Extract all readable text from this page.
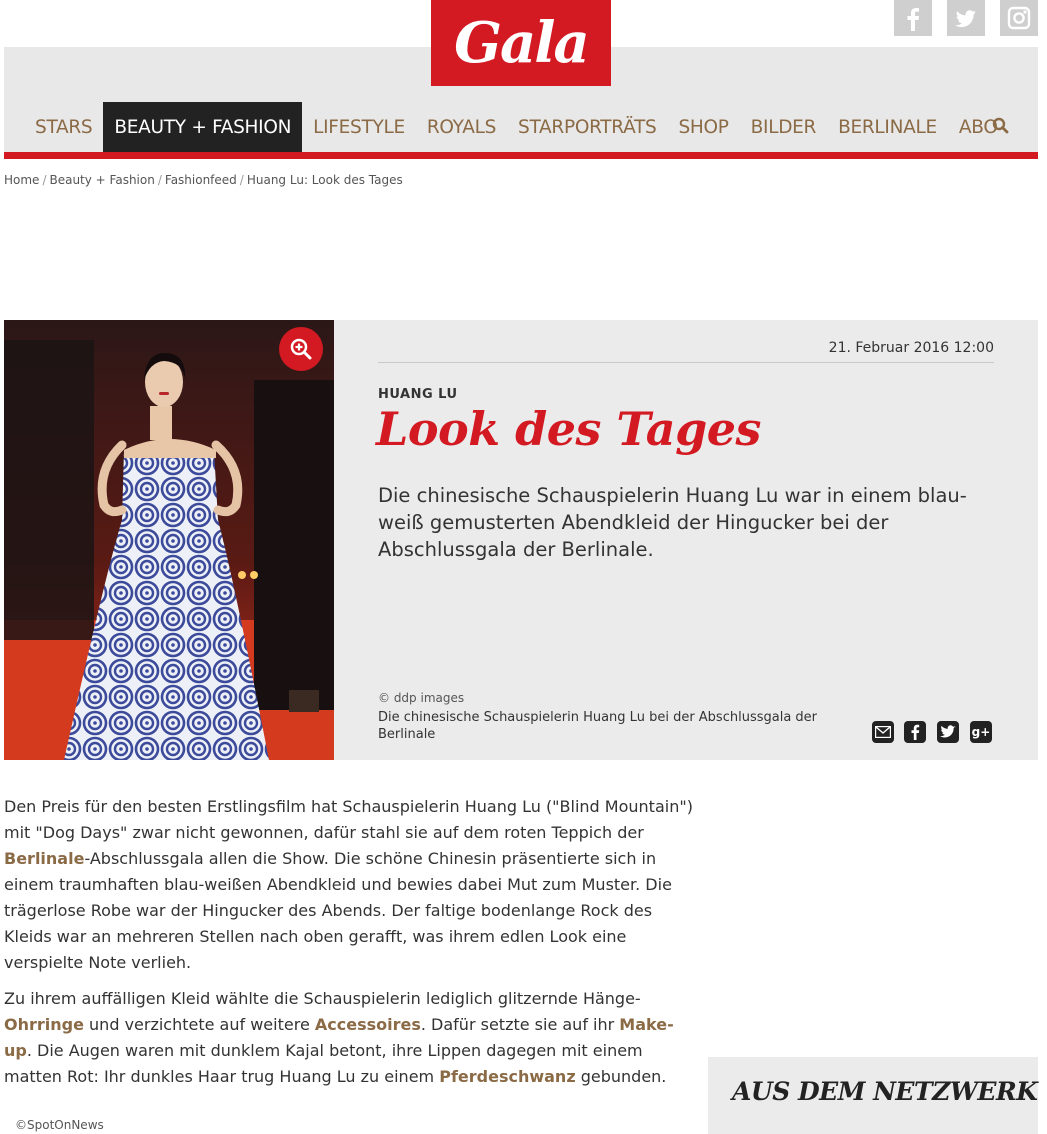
Gala
STARS	BEAUTY + FASHION	LIFESTYLE	ROYALS	STARPORTRÄTS	SHOP	BILDER	BERLINALE	ABO
Home / Beauty + Fashion / Fashionfeed / Huang Lu: Look des Tages
21. Februar 2016 12:00
HUANG LU
Look des Tages
Die chinesische Schauspielerin Huang Lu war in einem blau-weiß gemusterten Abendkleid der Hingucker bei der Abschlussgala der Berlinale.
© ddp images
Die chinesische Schauspielerin Huang Lu bei der Abschlussgala der Berlinale	g+

Den Preis für den besten Erstlingsfilm hat Schauspielerin Huang Lu ("Blind Mountain") mit "Dog Days" zwar nicht gewonnen, dafür stahl sie auf dem roten Teppich der Berlinale-Abschlussgala allen die Show. Die schöne Chinesin präsentierte sich in einem traumhaften blau-weißen Abendkleid und bewies dabei Mut zum Muster. Die trägerlose Robe war der Hingucker des Abends. Der faltige bodenlange Rock des Kleids war an mehreren Stellen nach oben gerafft, was ihrem edlen Look eine verspielte Note verlieh.

Zu ihrem auffälligen Kleid wählte die Schauspielerin lediglich glitzernde Hänge-Ohrringe und verzichtete auf weitere Accessoires. Dafür setzte sie auf ihr Make-up. Die Augen waren mit dunklem Kajal betont, ihre Lippen dagegen mit einem matten Rot: Ihr dunkles Haar trug Huang Lu zu einem Pferdeschwanz gebunden.

©SpotOnNews
AUS DEM NETZWERK
